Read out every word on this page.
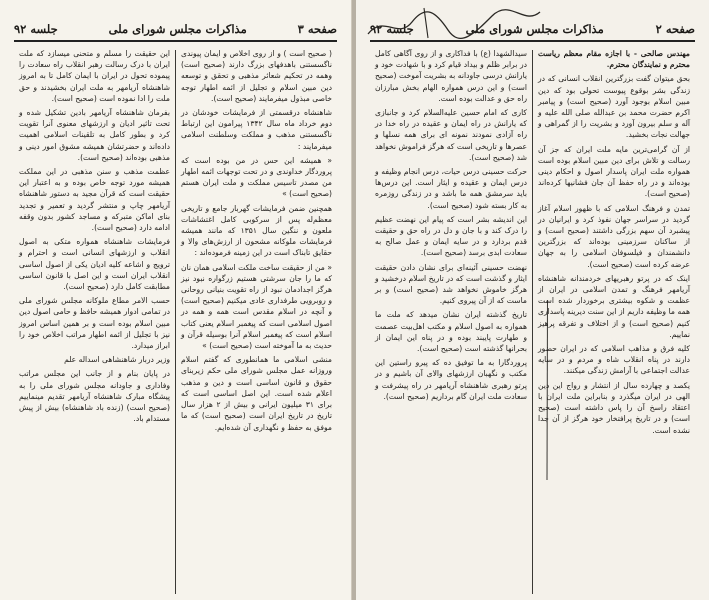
صفحه ۳
مذاکرات مجلس شورای ملی
جلسه ۹۲

( صحیح است ) و از روی اخلاص و ایمان پیوندی ناگسستنی باهدفهای بزرگ دارند (صحیح است) وهمه در تحکیم شعائر مذهبی و تحقق و توسعه دین مبین اسلام و تجلیل از ائمه اطهار توجه خاصی مبذول میفرمایند (صحیح است).

شاهنشاه درقسمتی از فرمایشات خودشان در دوم خرداد ماه سال ۱۳۴۲ پیرامون این ارتباط ناگسستنی مذهب و مملکت وسلطنت اسلامی میفرمایند :

« همیشه این حس در من بوده است که پروردگار خداوندی و در تحت توجهات ائمه اطهار من مصدر تاسیس مملکت و ملت ایران هستم (صحیح است) »

همچنین ضمن فرمایشات گهربار جامع و تاریخی معظم‌له پس از سرکوبی کامل اغتشاشات ملعون و ننگین سال ۱۳۵۱ که مانند همیشه فرمایشات ملوکانه مشحون از ارزش‌های والا و حقایق تابناک است در این زمینه فرموده‌اند :

« من از حقیقت ساخت ملکت اسلامی همان نان که ما را جان سرشتی هستیم زرگواره نبود نیز هرگز اجدادمان نبود از راه تقویت بنیانی روحانی و روبرویی طرفداری عادی میکنیم (صحیح است) و آنچه در اسلام مقدس است همه و همه در اصول اسلامی است که پیغمبر اسلام یعنی کتاب اسلام است که پیغمبر اسلام آنرا بوسیله قرآن و حدیث به ما آموخته است (صحیح است) »

منشی اسلامی ما همانطوری که گفتم اسلام وروزانه عمل مجلس شورای ملی حکم زیربنای حقوق و قانون اساسی است و دین و مذهب اعلام شده است. این اصل اساسی است که برای ۳۱ میلیون ایرانی و بیش از ۲ هزار سال تاریخ در تاریخ ایران است (صحیح است) که ما موفق به حفظ و نگهداری آن شده‌ایم.

این حقیقت را مسلم و متحنی میسازد که ملت ایران با درک رسالت رهبر انقلاب راه سعادت را پیموده تحول در ایران با ایمان کامل تا به امروز شاهنشاه آریامهر به ملت ایران بخشیدند و حق ملت را ادا نموده است (صحیح است).

بفرمان شاهنشاه آریامهر بادین تشکیل شده و تحت تاثیر ادیان و ارزشهای معنوی آنرا تقویت کرد و بطور کامل به تلقینات اسلامی اهمیت داده‌اند و حضرتشان همیشه مشوق امور دینی و مذهبی بوده‌اند (صحیح است).

عظمت مذهب و سنن مذهبی در این مملکت همیشه مورد توجه خاص بوده و به اعتبار این حقیقت است که قرآن مجید به دستور شاهنشاه آریامهر چاپ و منتشر گردید و تعمیر و تجدید بنای اماکن متبرکه و مساجد کشور بدون وقفه ادامه دارد (صحیح است).

فرمایشات شاهنشاه همواره متکی به اصول انقلاب و ارزشهای انسانی است و احترام و ترویج و اشاعه کلیه ادیان یکی از اصول اساسی انقلاب ایران است و این اصل با قانون اساسی مطابقت کامل دارد (صحیح است).

حسب الامر مطاع ملوکانه مجلس شورای ملی در تمامی ادوار همیشه حافظ و حامی اصول دین مبین اسلام بوده است و بر همین اساس امروز نیز با تجلیل از ائمه اطهار مراتب اخلاص خود را ابراز میدارد.

وزیر دربار شاهنشاهی اسداله علم

در پایان بنام و از جانب این مجلس مراتب وفاداری و جاودانه مجلس شورای ملی را به پیشگاه مبارک شاهنشاه آریامهر تقدیم مینماییم (صحیح است) (زنده باد شاهنشاه) بیش از پیش مستدام باد.

صفحه ۲
مذاکرات مجلس شورای ملی
جلسه ۹۲

مهندس صالحی - با اجازه مقام معظم ریاست محترم و نمایندگان محترم.

بحق میتوان گفت بزرگترین انقلاب انسانی که در زندگی بشر بوقوع پیوست تحولی بود که دین مبین اسلام بوجود آورد (صحیح است) و پیامبر اکرم حضرت محمد بن عبدالله صلی الله علیه و آله و سلم بیرون آورد و بشریت را از گمراهی و جهالت نجات بخشید.

از آن گرامی‌ترین مایه ملت ایران که جز آن رسالت و تلاش برای دین مبین اسلام بوده است همواره ملت ایران پاسدار اصول و احکام دینی بوده‌اند و در راه حفظ آن جان فشانیها کرده‌اند (صحیح است).

تمدن و فرهنگ اسلامی که با ظهور اسلام آغاز گردید در سراسر جهان نفوذ کرد و ایرانیان در پیشبرد آن سهم بزرگی داشتند (صحیح است) و از ساکنان سرزمینی بوده‌اند که بزرگترین دانشمندان و فیلسوفان اسلامی را به جهان عرضه کرده است (صحیح است).

اینک که در پرتو رهبریهای خردمندانه شاهنشاه آریامهر فرهنگ و تمدن اسلامی در ایران از عظمت و شکوه بیشتری برخوردار شده است همه ما وظیفه داریم از این سنت دیرینه پاسداری کنیم (صحیح است) و از اختلاف و تفرقه پرهیز نماییم.

کلیه فرق و مذاهب اسلامی که در ایران حضور دارند در پناه انقلاب شاه و مردم و در سایه عدالت اجتماعی با آرامش زندگی میکنند.

یکصد و چهارده سال از انتشار و رواج این دین الهی در ایران میگذرد و بنابراین ملت ایران با اعتقاد راسخ آن را پاس داشته است (صحیح است) و در تاریخ پرافتخار خود هرگز از آن جدا نشده است.

سیدالشهدا (ع) با فداکاری و از روی آگاهی کامل در برابر ظلم و بیداد قیام کرد و با شهادت خود و یارانش درسی جاودانه به بشریت آموخت (صحیح است) و این درس همواره الهام بخش مبارزان راه حق و عدالت بوده است.

کاری که امام حسین علیه‌السلام کرد و جانبازی که یارانش در راه ایمان و عقیده در راه خدا در راه آزادی نمودند نمونه ای برای همه نسلها و عصرها و تاریخی است که هرگز فراموش نخواهد شد (صحیح است).

حرکت حسینی درس حیات، درس انجام وظیفه و درس ایمان و عقیده و ایثار است. این درس‌ها باید سرمشق همه ما باشد و در زندگی روزمره به کار بسته شود (صحیح است).

این اندیشه بشر است که پیام این نهضت عظیم را درک کند و با جان و دل در راه حق و حقیقت قدم بردارد و در سایه ایمان و عمل صالح به سعادت ابدی برسد (صحیح است).

نهضت حسینی آئینه‌ای برای نشان دادن حقیقت ایثار و گذشت است که در تاریخ اسلام درخشید و هرگز خاموش نخواهد شد (صحیح است) و بر ماست که از آن پیروی کنیم.

تاریخ گذشته ایران نشان میدهد که ملت ما همواره به اصول اسلام و مکتب اهل‌بیت عصمت و طهارت پایبند بوده و در پناه این ایمان از بحرانها گذشته است (صحیح است).

پروردگارا به ما توفیق ده که پیرو راستین این مکتب و نگهبان ارزشهای والای آن باشیم و در پرتو رهبری شاهنشاه آریامهر در راه پیشرفت و سعادت ملت ایران گام برداریم (صحیح است).
